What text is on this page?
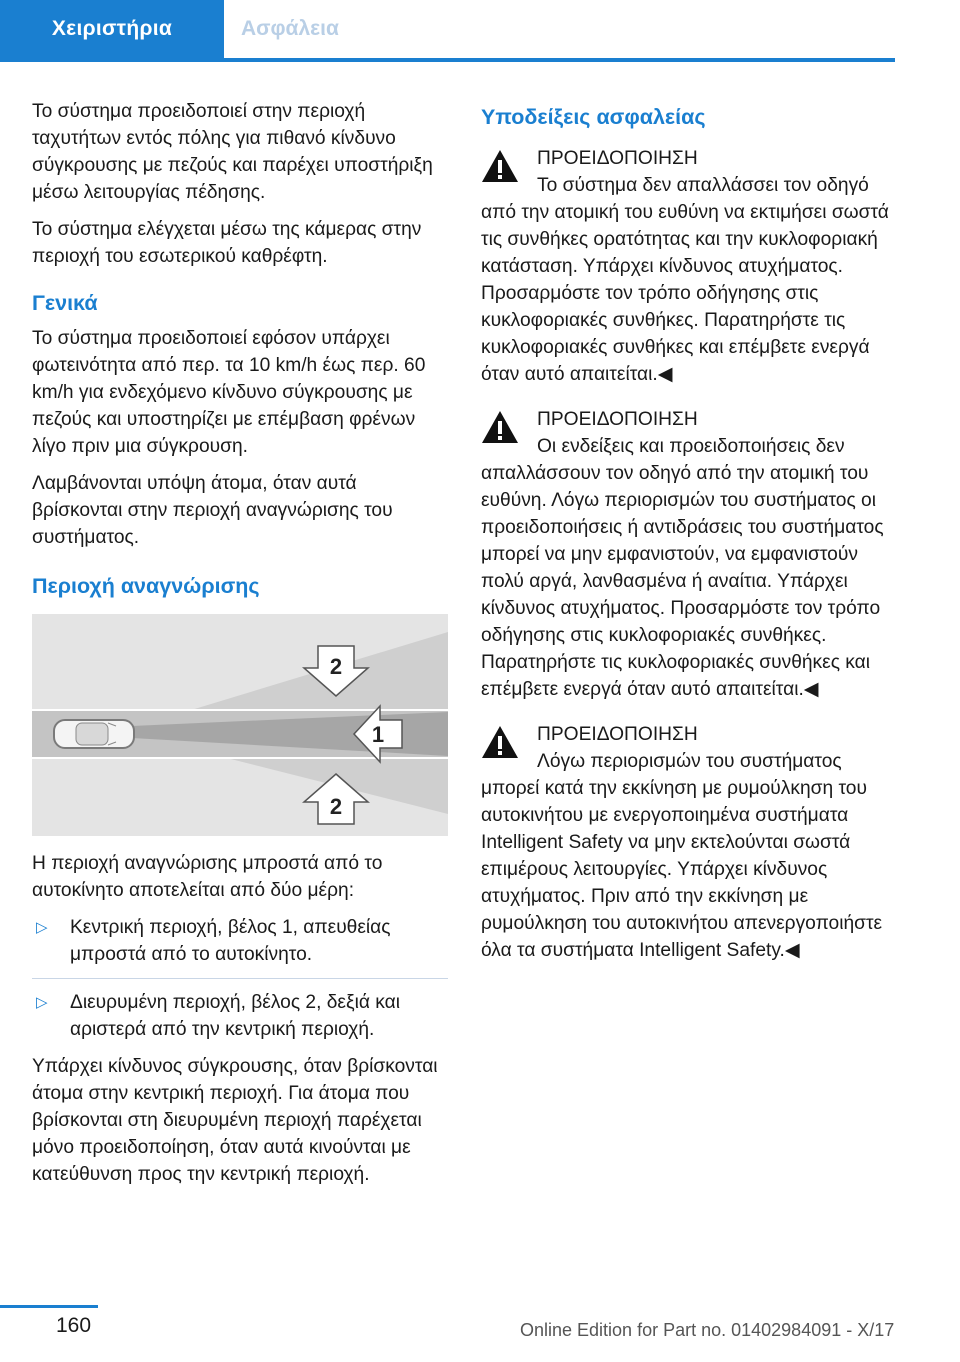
Χειριστήρια	Ασφάλεια

Το σύστημα προειδοποιεί στην περιοχή ταχυτήτων εντός πόλης για πιθανό κίνδυνο σύγκρουσης με πεζούς και παρέχει υποστήριξη μέσω λειτουργίας πέδησης.

Το σύστημα ελέγχεται μέσω της κάμερας στην περιοχή του εσωτερικού καθρέφτη.

Γενικά

Το σύστημα προειδοποιεί εφόσον υπάρχει φωτεινότητα από περ. τα 10 km/h έως περ. 60 km/h για ενδεχόμενο κίνδυνο σύγκρουσης με πεζούς και υποστηρίζει με επέμβαση φρένων λίγο πριν μια σύγκρουση.

Λαμβάνονται υπόψη άτομα, όταν αυτά βρίσκονται στην περιοχή αναγνώρισης του συστήματος.

Περιοχή αναγνώρισης
2
1
2

Η περιοχή αναγνώρισης μπροστά από το αυτοκίνητο αποτελείται από δύο μέρη:

▷	Κεντρική περιοχή, βέλος 1, απευθείας μπροστά από το αυτοκίνητο.
▷	Διευρυμένη περιοχή, βέλος 2, δεξιά και αριστερά από την κεντρική περιοχή.

Υπάρχει κίνδυνος σύγκρουσης, όταν βρίσκονται άτομα στην κεντρική περιοχή. Για άτομα που βρίσκονται στη διευρυμένη περιοχή παρέχεται μόνο προειδοποίηση, όταν αυτά κινούνται με κατεύθυνση προς την κεντρική περιοχή.

Υποδείξεις ασφαλείας
ΠΡΟΕΙΔΟΠΟΙΗΣΗ
Το σύστημα δεν απαλλάσσει τον οδηγό από την ατομική του ευθύνη να εκτιμήσει σωστά τις συνθήκες ορατότητας και την κυκλοφοριακή κατάσταση. Υπάρχει κίνδυνος ατυχήματος. Προσαρμόστε τον τρόπο οδήγησης στις κυκλοφοριακές συνθήκες. Παρατηρήστε τις κυκλοφοριακές συνθήκες και επέμβετε ενεργά όταν αυτό απαιτείται.◀
ΠΡΟΕΙΔΟΠΟΙΗΣΗ
Οι ενδείξεις και προειδοποιήσεις δεν απαλλάσσουν τον οδηγό από την ατομική του ευθύνη. Λόγω περιορισμών του συστήματος οι προειδοποιήσεις ή αντιδράσεις του συστήματος μπορεί να μην εμφανιστούν, να εμφανιστούν πολύ αργά, λανθασμένα ή αναίτια. Υπάρχει κίνδυνος ατυχήματος. Προσαρμόστε τον τρόπο οδήγησης στις κυκλοφοριακές συνθήκες. Παρατηρήστε τις κυκλοφοριακές συνθήκες και επέμβετε ενεργά όταν αυτό απαιτείται.◀
ΠΡΟΕΙΔΟΠΟΙΗΣΗ
Λόγω περιορισμών του συστήματος μπορεί κατά την εκκίνηση με ρυμούλκηση του αυτοκινήτου με ενεργοποιημένα συστήματα Intelligent Safety να μην εκτελούνται σωστά επιμέρους λειτουργίες. Υπάρχει κίνδυνος ατυχήματος. Πριν από την εκκίνηση με ρυμούλκηση του αυτοκινήτου απενεργοποιήστε όλα τα συστήματα Intelligent Safety.◀
160	Online Edition for Part no. 01402984091 - X/17
